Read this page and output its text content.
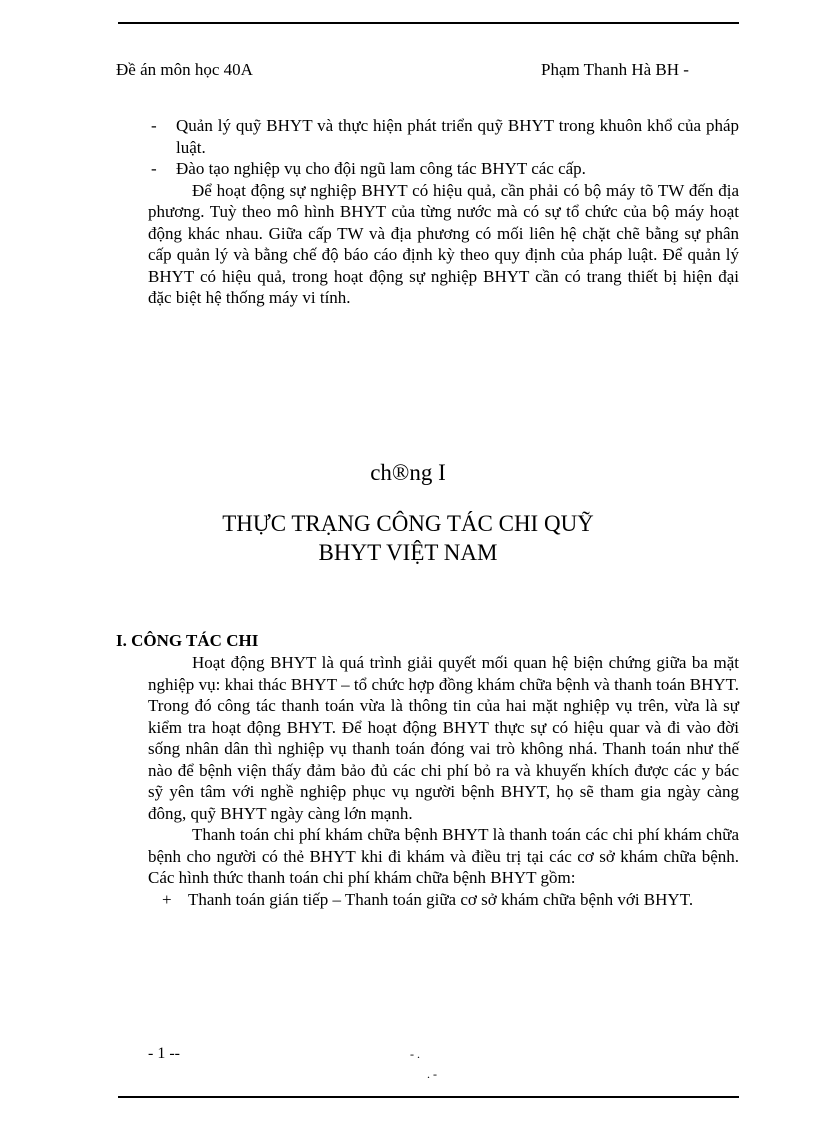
Đề án môn học 40A	Phạm Thanh Hà BH -
- Quản lý quỹ BHYT và thực hiện phát triển quỹ BHYT trong khuôn khổ của pháp luật.
- Đào tạo nghiệp vụ cho đội ngũ lam công tác BHYT các cấp.
Để hoạt động sự nghiệp BHYT có hiệu quả, cần phải có bộ máy tõ TW đến địa phương. Tuỳ theo mô hình BHYT của từng nước mà có sự tổ chức của bộ máy hoạt động khác nhau. Giữa cấp TW và địa phương có mối liên hệ chặt chẽ bằng sự phân cấp quản lý và bằng chế độ báo cáo định kỳ theo quy định của pháp luật. Để quản lý BHYT có hiệu quả, trong hoạt động sự nghiệp BHYT cần có trang thiết bị hiện đại đặc biệt hệ thống máy vi tính.
ch®ng I
THỰC TRẠNG CÔNG TÁC CHI QUỸ
BHYT VIỆT NAM
I. CÔNG TÁC CHI
Hoạt động BHYT là quá trình giải quyết mối quan hệ biện chứng giữa ba mặt nghiệp vụ: khai thác BHYT – tổ chức hợp đồng khám chữa bệnh và thanh toán BHYT. Trong đó công tác thanh toán vừa là thông tin của hai mặt nghiệp vụ trên, vừa là sự kiểm tra hoạt động BHYT. Để hoạt động BHYT thực sự có hiệu quar và đi vào đời sống nhân dân thì nghiệp vụ thanh toán đóng vai trò không nhá. Thanh toán như thế nào để bệnh viện thấy đảm bảo đủ các chi phí bỏ ra và khuyến khích được các y bác sỹ yên tâm với nghề nghiệp phục vụ người bệnh BHYT, họ sẽ tham gia ngày càng đông, quỹ BHYT ngày càng lớn mạnh.
Thanh toán chi phí khám chữa bệnh BHYT là thanh toán các chi phí khám chữa bệnh cho người có thẻ BHYT khi đi khám và điều trị tại các cơ sở khám chữa bệnh. Các hình thức thanh toán chi phí khám chữa bệnh BHYT gồm:
+ Thanh toán gián tiếp – Thanh toán giữa cơ sở khám chữa bệnh với BHYT.
- 1 --	- .
. -
